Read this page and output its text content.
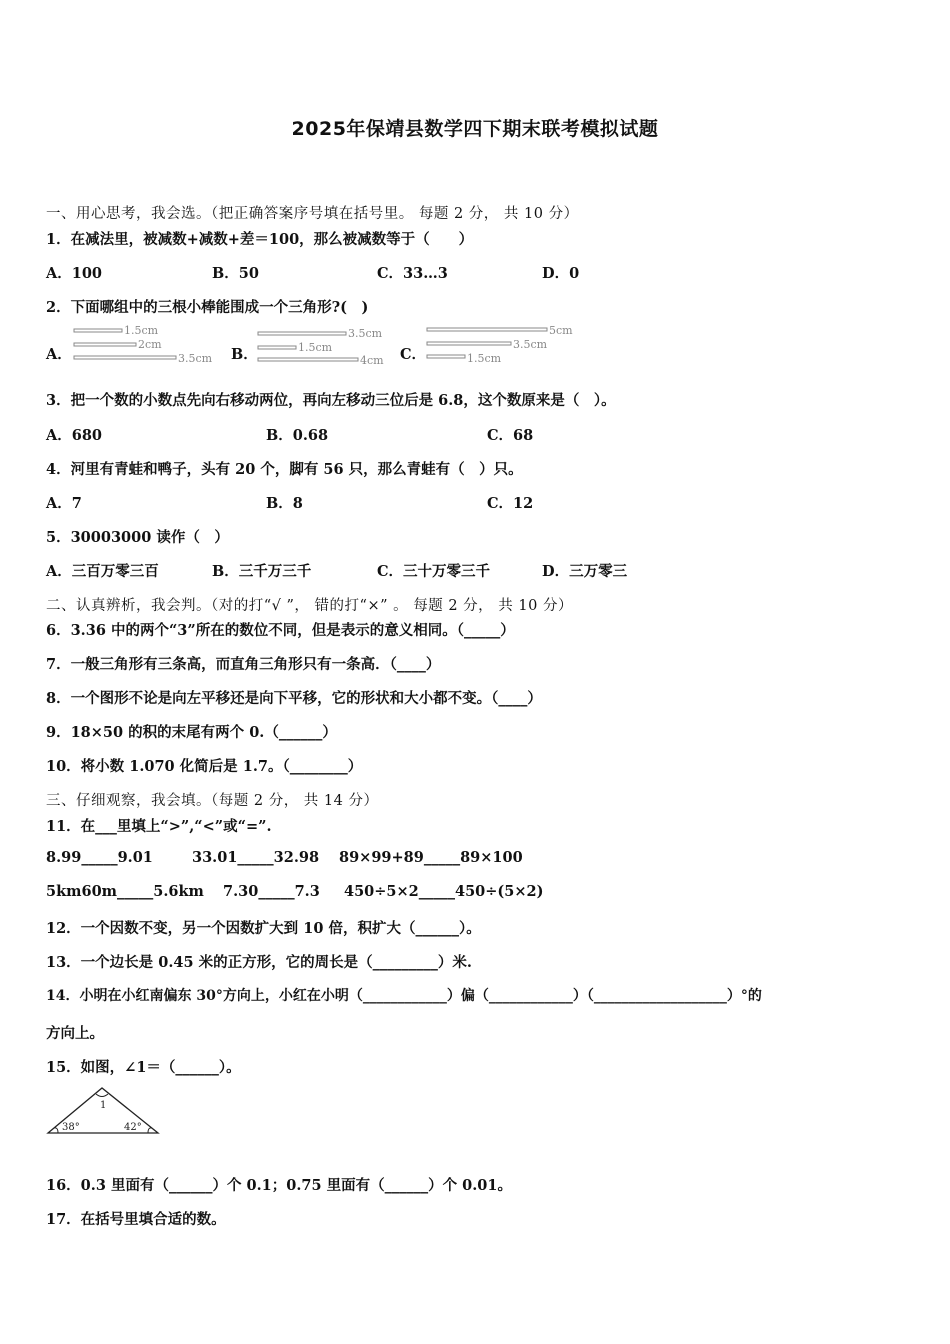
2025年保靖县数学四下期末联考模拟试题
一、用心思考，我会选。（把正确答案序号填在括号里。 每题 2 分， 共 10 分）
1．在减法里，被减数+减数+差＝100，那么被减数等于（　　）
A．100	B．50	C．33…3	D．0
2．下面哪组中的三根小棒能围成一个三角形?(　)
A．
1.5cm
2cm
3.5cm B．
3.5cm
1.5cm
4cm C．
5cm
3.5cm
1.5cm
3．把一个数的小数点先向右移动两位，再向左移动三位后是 6.8，这个数原来是（　）。
A．680	B．0.68	C．68
4．河里有青蛙和鸭子，头有 20 个，脚有 56 只，那么青蛙有（　）只。
A．7	B．8	C．12
5．30003000 读作（　）
A．三百万零三百	B．三千万三千	C．三十万零三千	D．三万零三
二、认真辨析，我会判。（对的打“√ ”， 错的打“×” 。 每题 2 分， 共 10 分）
6．3.36 中的两个“3”所在的数位不同，但是表示的意义相同。（_____）
7．一般三角形有三条高，而直角三角形只有一条高．（____）
8．一个图形不论是向左平移还是向下平移，它的形状和大小都不变。（____）
9．18×50 的积的末尾有两个 0.（______）
10．将小数 1.070 化简后是 1.7。（________）
三、仔细观察，我会填。（每题 2 分， 共 14 分）
11．在___里填上“>”,“<”或“=”.
8.99_____9.01	33.01_____32.98 89×99+89_____89×100
5km60m_____5.6km 7.30_____7.3 450÷5×2_____450÷(5×2)
12．一个因数不变，另一个因数扩大到 10 倍，积扩大（______）。
13．一个边长是 0.45 米的正方形，它的周长是（_________）米.
14．小明在小红南偏东 30°方向上，小红在小明（____________）偏（____________）（___________________）°的
方向上。
15．如图，∠1＝（______）。
1
38°	42°
16．0.3 里面有（______）个 0.1；0.75 里面有（______）个 0.01。
17．在括号里填合适的数。
